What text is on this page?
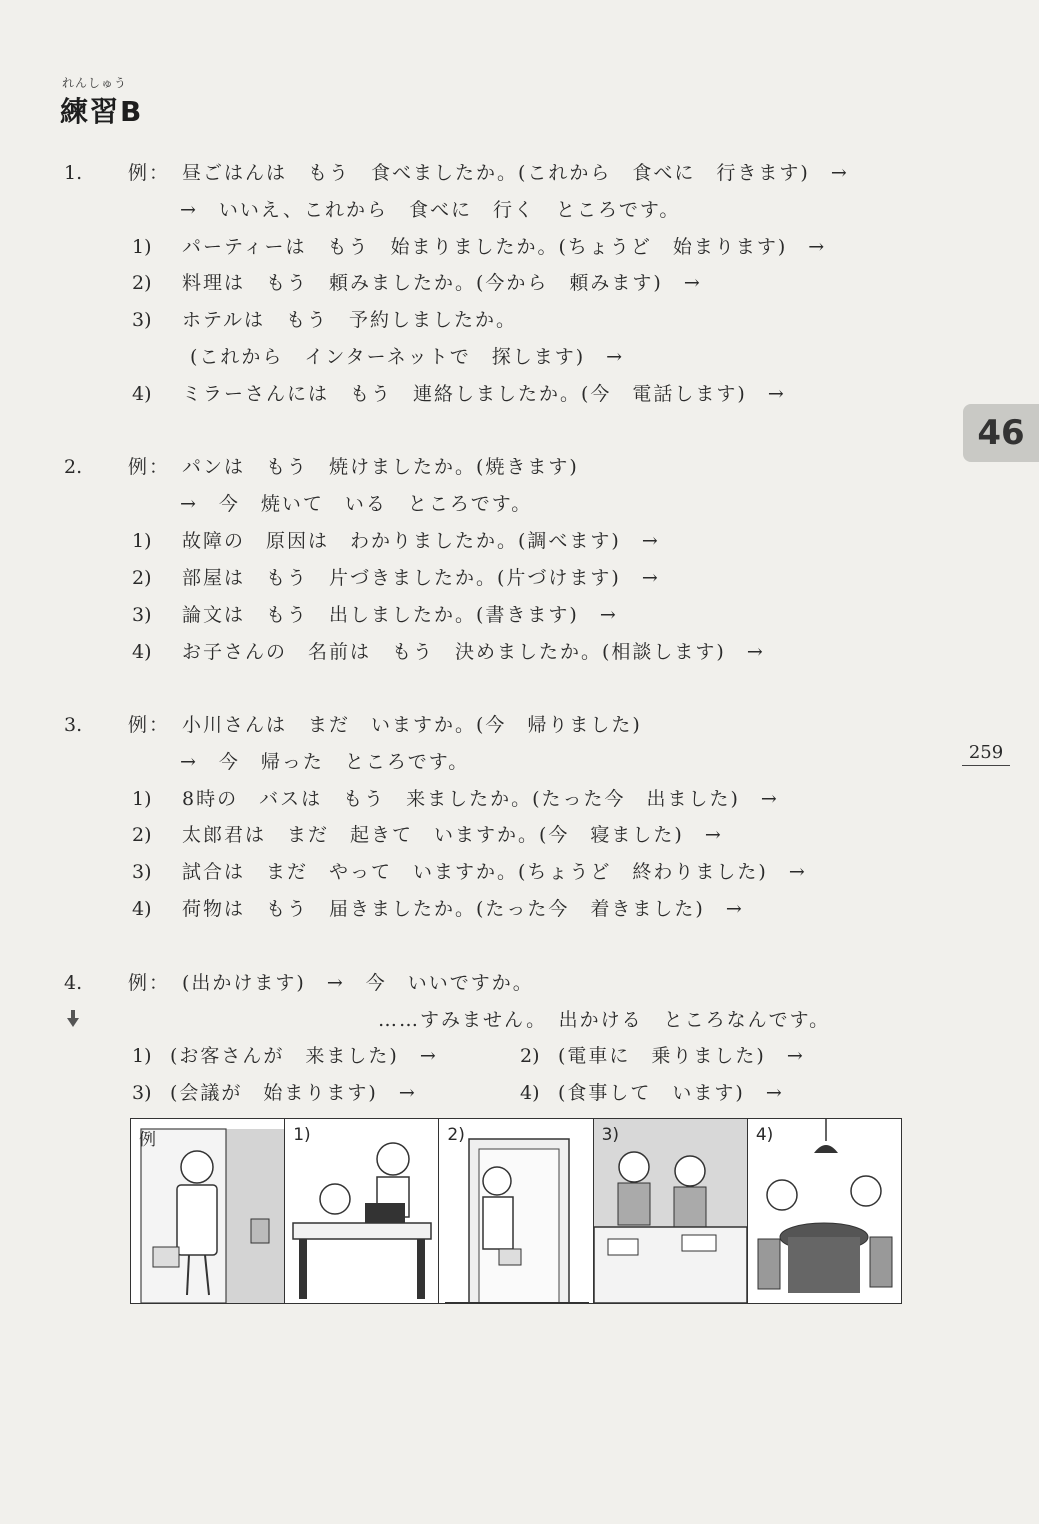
れんしゅう
練習B
46
259
1. 例： 昼ごはんは　もう　食べましたか。(これから　食べに　行きます)　→
→　いいえ、これから　食べに　行く　ところです。
1) パーティーは　もう　始まりましたか。(ちょうど　始まります)　→
2) 料理は　もう　頼みましたか。(今から　頼みます)　→
3) ホテルは　もう　予約しましたか。
(これから　インターネットで　探します)　→
4) ミラーさんには　もう　連絡しましたか。(今　電話します)　→
2. 例： パンは　もう　焼けましたか。(焼きます)
→　今　焼いて　いる　ところです。
1) 故障の　原因は　わかりましたか。(調べます)　→
2) 部屋は　もう　片づきましたか。(片づけます)　→
3) 論文は　もう　出しましたか。(書きます)　→
4) お子さんの　名前は　もう　決めましたか。(相談します)　→
3. 例： 小川さんは　まだ　いますか。(今　帰りました)
→　今　帰った　ところです。
1) 8時の　バスは　もう　来ましたか。(たった今　出ました)　→
2) 太郎君は　まだ　起きて　いますか。(今　寝ました)　→
3) 試合は　まだ　やって　いますか。(ちょうど　終わりました)　→
4) 荷物は　もう　届きましたか。(たった今　着きました)　→
4. 例： (出かけます)　→　今　いいですか。
……すみません。　出かける　ところなんです。
1) (お客さんが　来ました)　→	2) (電車に　乗りました)　→
3) (会議が　始まります)　→	4) (食事して　います)　→
例	1)	2)	3)	4)
